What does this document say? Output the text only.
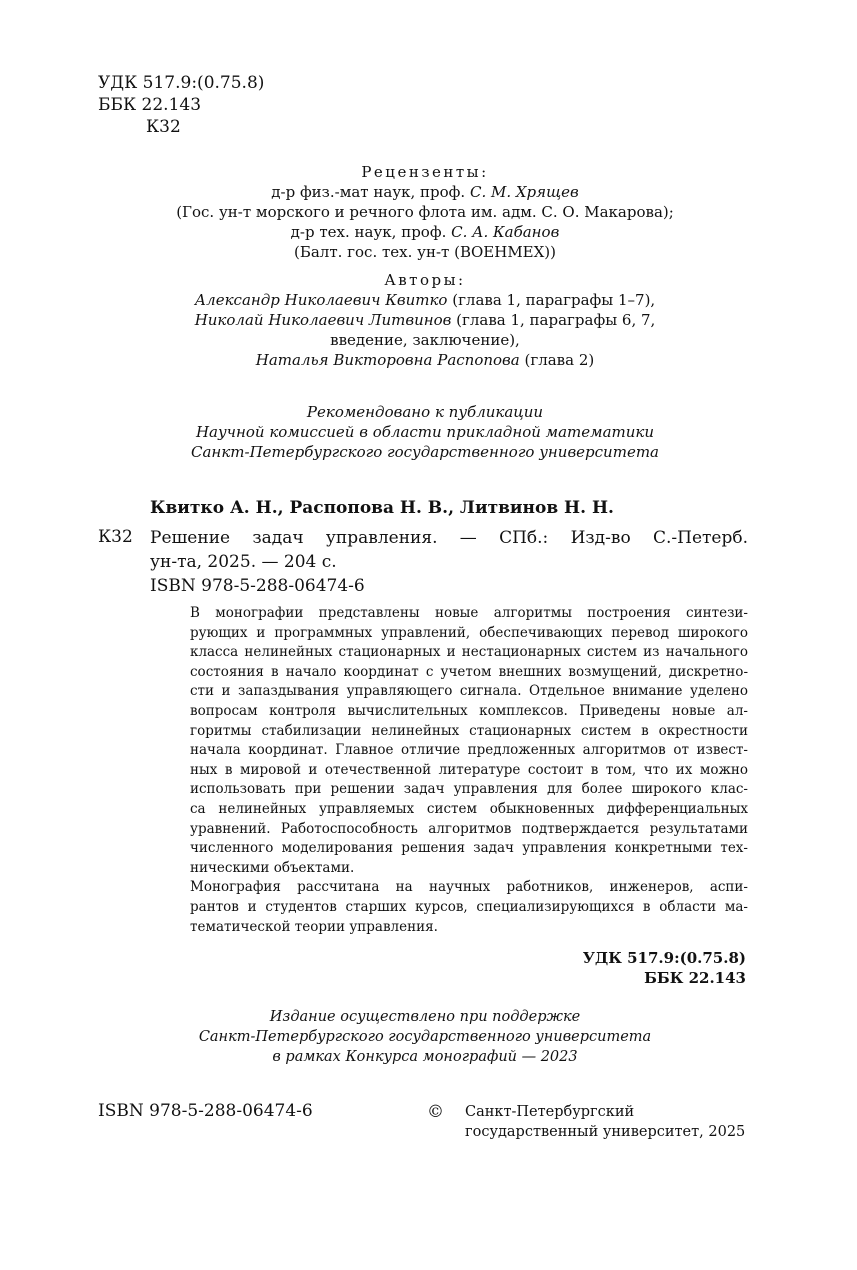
УДК 517.9:(0.75.8)
ББК 22.143
К32
Рецензенты:
д-р физ.-мат наук, проф. С. М. Хрящев
(Гос. ун-т морского и речного флота им. адм. С. О. Макарова);
д-р тех. наук, проф. С. А. Кабанов
(Балт. гос. тех. ун-т (ВОЕНМЕХ))
Авторы:
Александр Николаевич Квитко (глава 1, параграфы 1–7),
Николай Николаевич Литвинов (глава 1, параграфы 6, 7,
введение, заключение),
Наталья Викторовна Распопова (глава 2)
Рекомендовано к публикации
Научной комиссией в области прикладной математики
Санкт-Петербургского государственного университета
Квитко А. Н., Распопова Н. В., Литвинов Н. Н.
К32 Решение задач управления. — СПб.: Изд-во С.-Петерб.
ун-та, 2025. — 204 с.
ISBN 978-5-288-06474-6

В монографии представлены новые алгоритмы построения синтези-
рующих и программных управлений, обеспечивающих перевод широкого
класса нелинейных стационарных и нестационарных систем из начального
состояния в начало координат с учетом внешних возмущений, дискретно-
сти и запаздывания управляющего сигнала. Отдельное внимание уделено
вопросам контроля вычислительных комплексов. Приведены новые ал-
горитмы стабилизации нелинейных стационарных систем в окрестности
начала координат. Главное отличие предложенных алгоритмов от извест-
ных в мировой и отечественной литературе состоит в том, что их можно
использовать при решении задач управления для более широкого клас-
са нелинейных управляемых систем обыкновенных дифференциальных
уравнений. Работоспособность алгоритмов подтверждается результатами
численного моделирования решения задач управления конкретными тех-
ническими объектами.

Монография рассчитана на научных работников, инженеров, аспи-
рантов и студентов старших курсов, специализирующихся в области ма-
тематической теории управления.

УДК 517.9:(0.75.8)
ББК 22.143
Издание осуществлено при поддержке
Санкт-Петербургского государственного университета
в рамках Конкурса монографий — 2023
ISBN 978-5-288-06474-6	© Санкт-Петербургский
государственный университет, 2025
